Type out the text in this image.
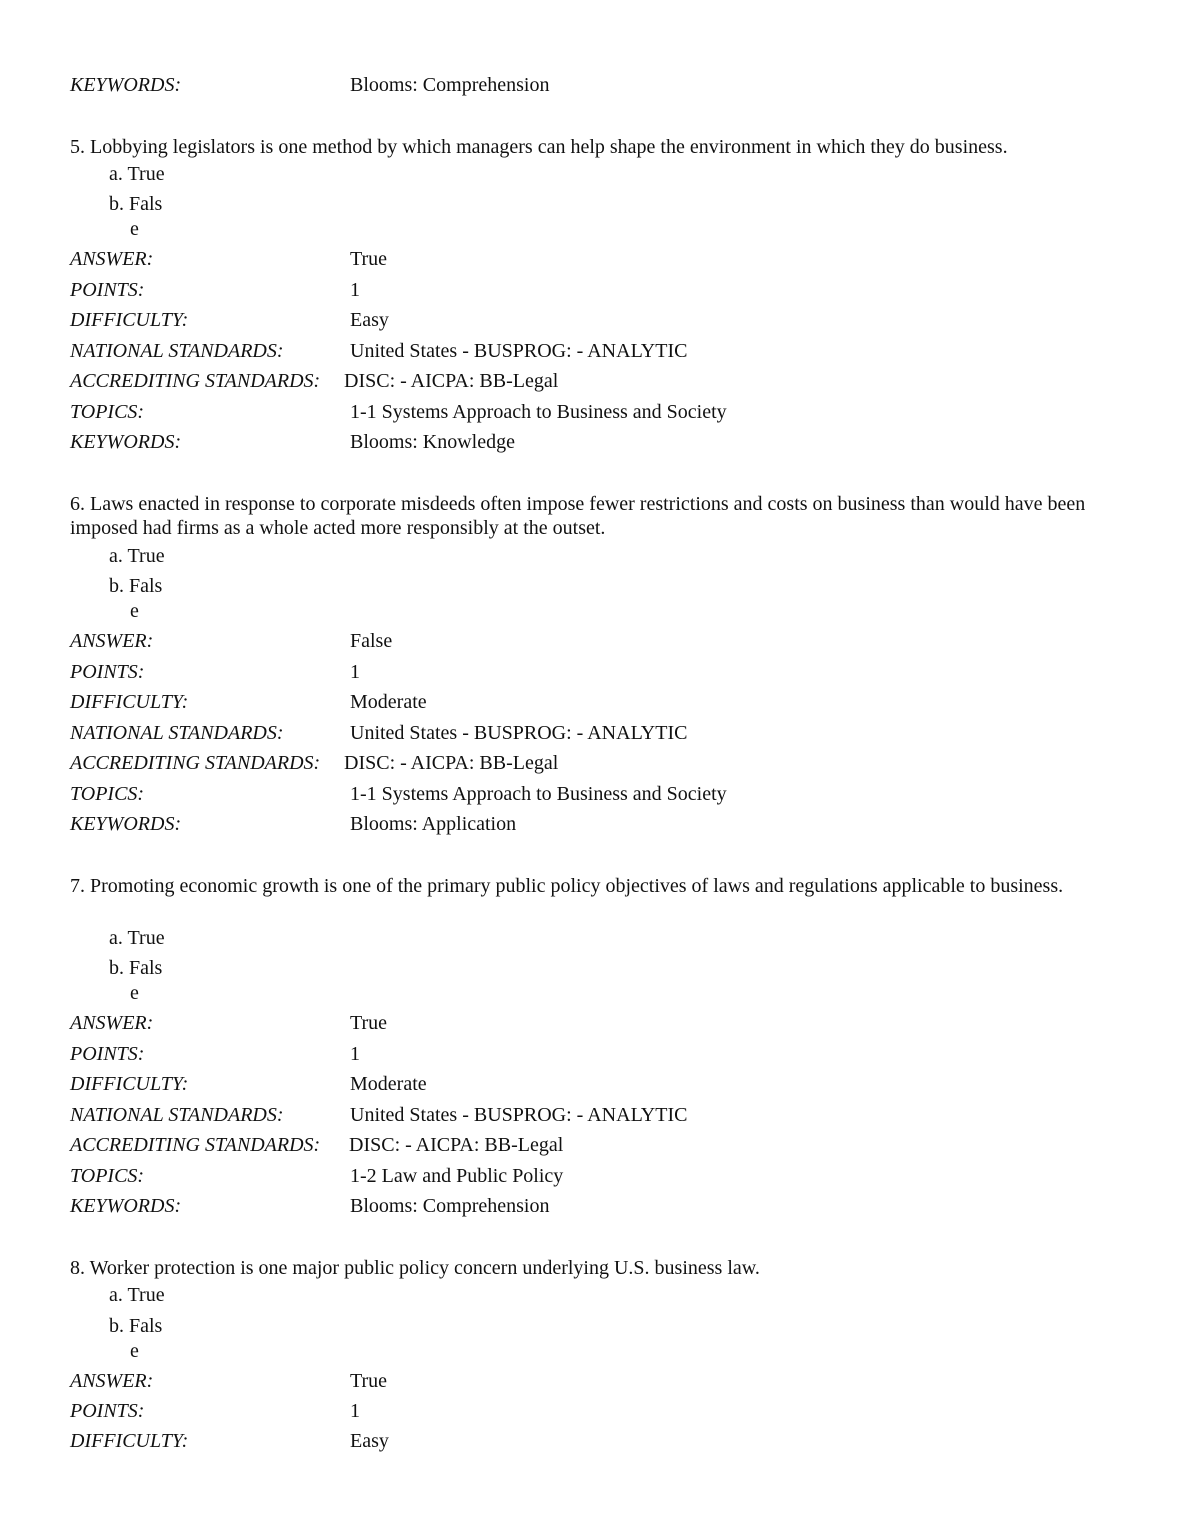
KEYWORDS:	Blooms: Comprehension
5. Lobbying legislators is one method by which managers can help shape the environment in which they do business.
a. True
b. Fals
e
ANSWER:	True
POINTS:	1
DIFFICULTY:	Easy
NATIONAL STANDARDS:	United States - BUSPROG: - ANALYTIC
ACCREDITING STANDARDS: DISC: - AICPA: BB-Legal
TOPICS:	1-1 Systems Approach to Business and Society
KEYWORDS:	Blooms: Knowledge
6. Laws enacted in response to corporate misdeeds often impose fewer restrictions and costs on business than would have been imposed had firms as a whole acted more responsibly at the outset.
a. True
b. Fals
e
ANSWER:	False
POINTS:	1
DIFFICULTY:	Moderate
NATIONAL STANDARDS:	United States - BUSPROG: - ANALYTIC
ACCREDITING STANDARDS: DISC: - AICPA: BB-Legal
TOPICS:	1-1 Systems Approach to Business and Society
KEYWORDS:	Blooms: Application
7. Promoting economic growth is one of the primary public policy objectives of laws and regulations applicable to business.
a. True
b. Fals
e
ANSWER:	True
POINTS:	1
DIFFICULTY:	Moderate
NATIONAL STANDARDS:	United States - BUSPROG: - ANALYTIC
ACCREDITING STANDARDS: DISC: - AICPA: BB-Legal
TOPICS:	1-2 Law and Public Policy
KEYWORDS:	Blooms: Comprehension
8. Worker protection is one major public policy concern underlying U.S. business law.
a. True
b. Fals
e
ANSWER:	True
POINTS:	1
DIFFICULTY:	Easy
